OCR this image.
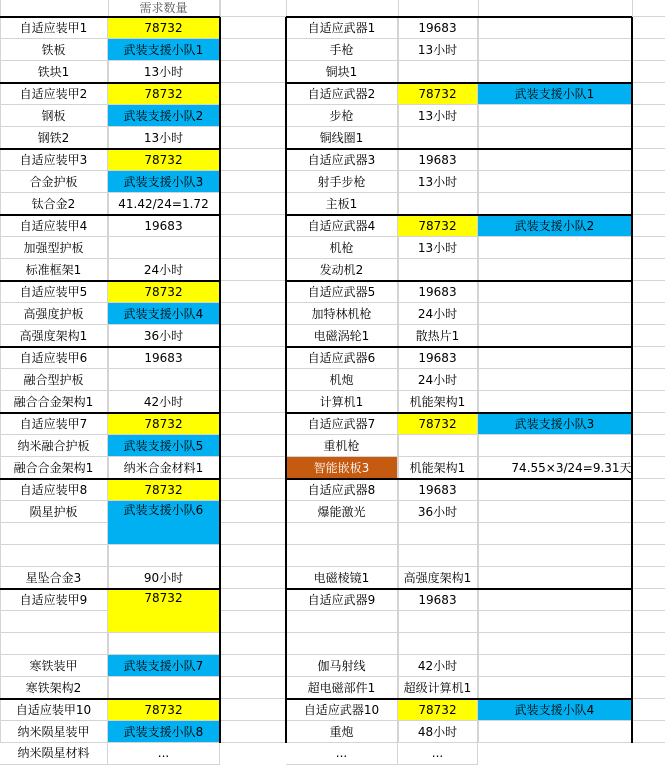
需求数量
自适应装甲1	78732
铁板	武装支援小队1
铁块1	13小时
自适应装甲2	78732
钢板	武装支援小队2
钢铁2	13小时
自适应装甲3	78732
合金护板	武装支援小队3
钛合金2	41.42/24=1.72
自适应装甲4	19683
加强型护板
标准框架1	24小时
自适应装甲5	78732
高强度护板	武装支援小队4
高强度架构1	36小时
自适应装甲6	19683
融合型护板
融合合金架构1	42小时
自适应装甲7	78732
纳米融合护板	武装支援小队5
融合合金架构1	纳米合金材料1
自适应装甲8	78732
陨星护板	武装支援小队6
星坠合金3	90小时
自适应装甲9	78732
寒铁装甲	武装支援小队7
寒铁架构2
自适应装甲10	78732
纳米陨星装甲	武装支援小队8
纳米陨星材料	...
自适应武器1	19683
手枪	13小时
铜块1
自适应武器2	78732	武装支援小队1
步枪	13小时
铜线圈1
自适应武器3	19683
射手步枪	13小时
主板1
自适应武器4	78732	武装支援小队2
机枪	13小时
发动机2
自适应武器5	19683
加特林机枪	24小时
电磁涡轮1	散热片1
自适应武器6	19683
机炮	24小时
计算机1	机能架构1
自适应武器7	78732	武装支援小队3
重机枪
智能嵌板3	机能架构1	74.55×3/24=9.31天
自适应武器8	19683
爆能激光	36小时
电磁棱镜1	高强度架构1
自适应武器9	19683
伽马射线	42小时
超电磁部件1	超级计算机1
自适应武器10	78732	武装支援小队4
重炮	48小时
...	...
